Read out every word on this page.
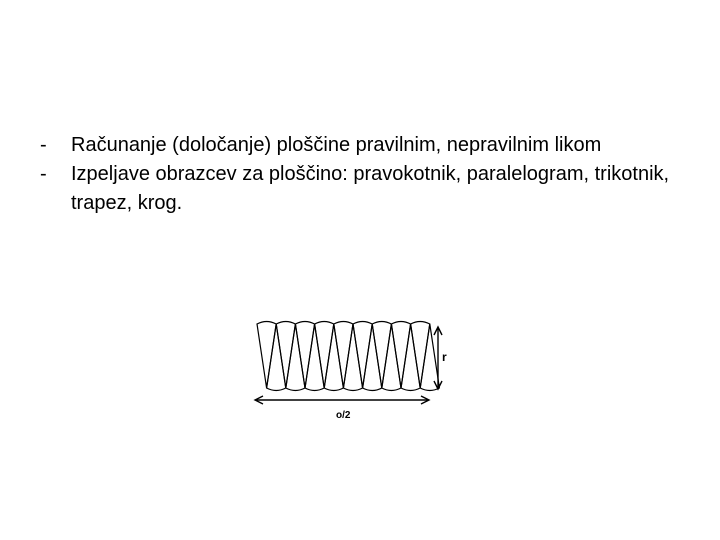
- Računanje (določanje) ploščine pravilnim, nepravilnim likom
- Izpeljave obrazcev za ploščino: pravokotnik, paralelogram, trikotnik, trapez, krog.
r
o/2
